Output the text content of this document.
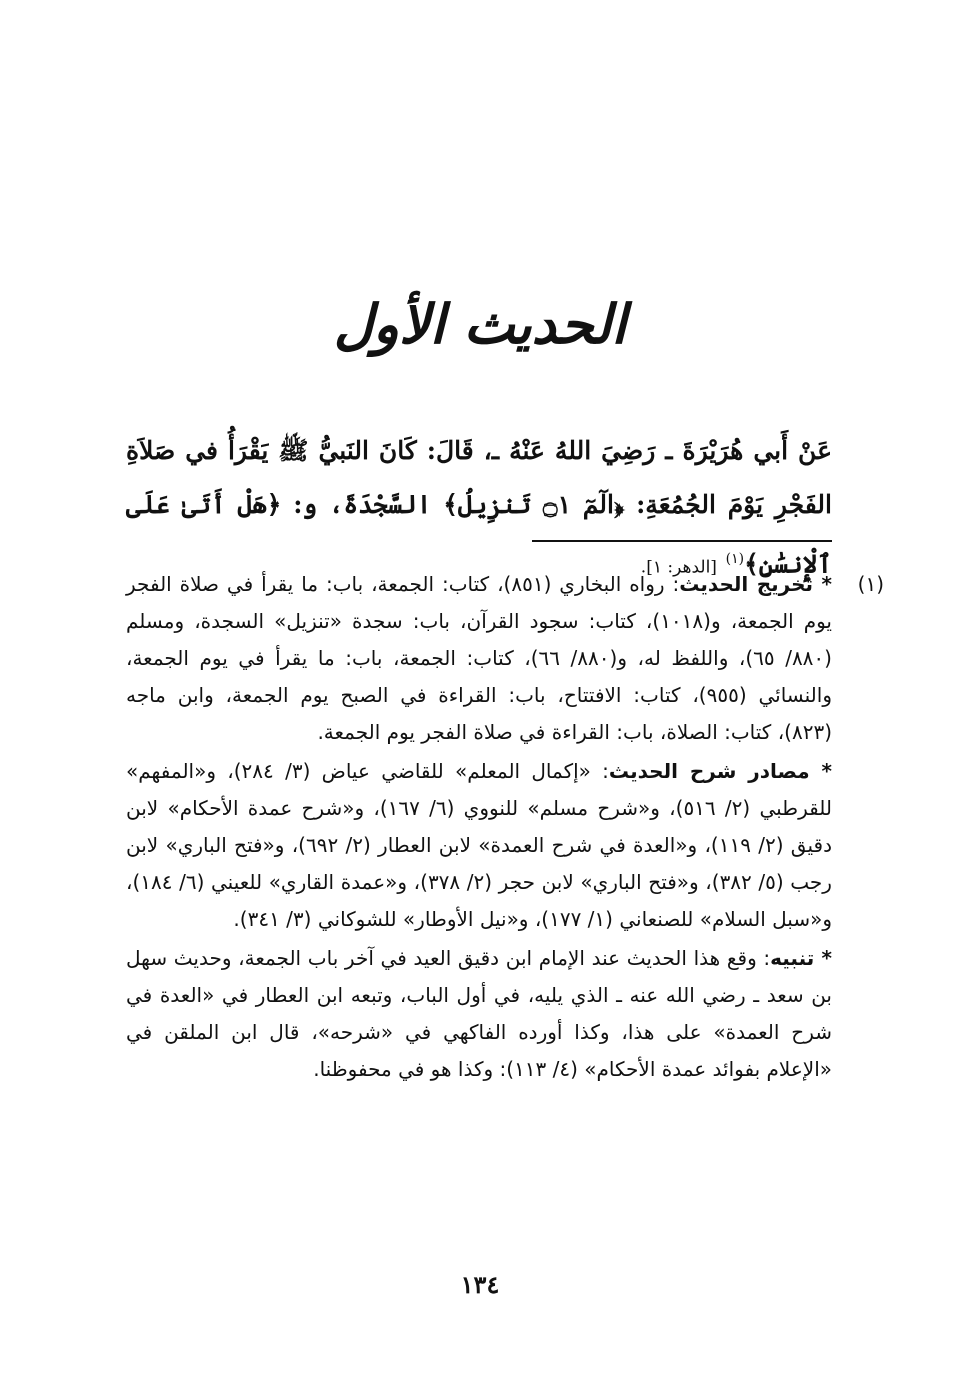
الحديث الأول
عَنْ أَبي هُرَيْرَةَ ـ رَضِيَ اللهُ عَنْهُ ـ، قَالَ: كَانَ النَبيُّ ﷺ يَقْرَأُ في صَلاَةِ الفَجْرِ يَوْمَ الجُمُعَةِ: ﴿الٓمٓ ۝١ تَنزِيلُ﴾ السَّجْدَةَ، و: ﴿هَلْ أَتَىٰ عَلَى ٱلْإِنسَٰنِ﴾$^{(١)}$ [الدهر: ١].

(١)
* تخريج الحديث: رواه البخاري (٨٥١)، كتاب: الجمعة، باب: ما يقرأ في صلاة الفجر يوم الجمعة، و(١٠١٨)، كتاب: سجود القرآن، باب: سجدة «تنزيل» السجدة، ومسلم (٨٨٠/ ٦٥)، واللفظ له، و(٨٨٠/ ٦٦)، كتاب: الجمعة، باب: ما يقرأ في يوم الجمعة، والنسائي (٩٥٥)، كتاب: الافتتاح، باب: القراءة في الصبح يوم الجمعة، وابن ماجه (٨٢٣)، كتاب: الصلاة، باب: القراءة في صلاة الفجر يوم الجمعة.

* مصادر شرح الحديث: «إكمال المعلم» للقاضي عياض (٣/ ٢٨٤)، و«المفهم» للقرطبي (٢/ ٥١٦)، و«شرح مسلم» للنووي (٦/ ١٦٧)، و«شرح عمدة الأحكام» لابن دقيق (٢/ ١١٩)، و«العدة في شرح العمدة» لابن العطار (٢/ ٦٩٢)، و«فتح الباري» لابن رجب (٥/ ٣٨٢)، و«فتح الباري» لابن حجر (٢/ ٣٧٨)، و«عمدة القاري» للعيني (٦/ ١٨٤)، و«سبل السلام» للصنعاني (١/ ١٧٧)، و«نيل الأوطار» للشوكاني (٣/ ٣٤١).

* تنبيه: وقع هذا الحديث عند الإمام ابن دقيق العيد في آخر باب الجمعة، وحديث سهل بن سعد ـ رضي الله عنه ـ الذي يليه، في أول الباب، وتبعه ابن العطار في «العدة في شرح العمدة» على هذا، وكذا أورده الفاكهي في «شرحه»، قال ابن الملقن في «الإعلام بفوائد عمدة الأحكام» (٤/ ١١٣): وكذا هو في محفوظنا.

١٣٤
